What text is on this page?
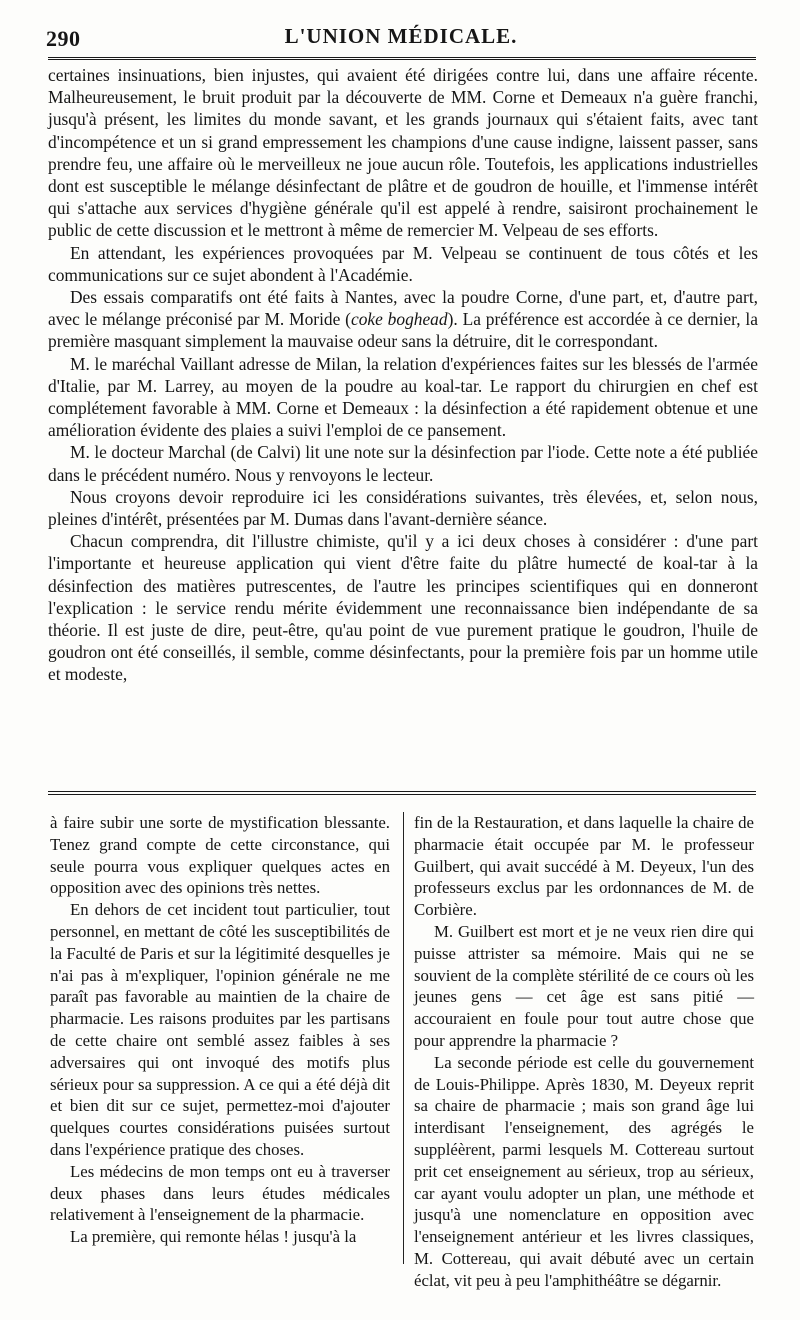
290	L'UNION MÉDICALE.

certaines insinuations, bien injustes, qui avaient été dirigées contre lui, dans une affaire récente. Malheureusement, le bruit produit par la découverte de MM. Corne et Demeaux n'a guère franchi, jusqu'à présent, les limites du monde savant, et les grands journaux qui s'étaient faits, avec tant d'incompétence et un si grand empressement les champions d'une cause indigne, laissent passer, sans prendre feu, une affaire où le merveilleux ne joue aucun rôle. Toutefois, les applications industrielles dont est susceptible le mélange désinfectant de plâtre et de goudron de houille, et l'immense intérêt qui s'attache aux services d'hygiène générale qu'il est appelé à rendre, saisiront prochainement le public de cette discussion et le mettront à même de remercier M. Velpeau de ses efforts.

En attendant, les expériences provoquées par M. Velpeau se continuent de tous côtés et les communications sur ce sujet abondent à l'Académie.

Des essais comparatifs ont été faits à Nantes, avec la poudre Corne, d'une part, et, d'autre part, avec le mélange préconisé par M. Moride (coke boghead). La préférence est accordée à ce dernier, la première masquant simplement la mauvaise odeur sans la détruire, dit le correspondant.

M. le maréchal Vaillant adresse de Milan, la relation d'expériences faites sur les blessés de l'armée d'Italie, par M. Larrey, au moyen de la poudre au koal-tar. Le rapport du chirurgien en chef est complétement favorable à MM. Corne et Demeaux : la désinfection a été rapidement obtenue et une amélioration évidente des plaies a suivi l'emploi de ce pansement.

M. le docteur Marchal (de Calvi) lit une note sur la désinfection par l'iode. Cette note a été publiée dans le précédent numéro. Nous y renvoyons le lecteur.

Nous croyons devoir reproduire ici les considérations suivantes, très élevées, et, selon nous, pleines d'intérêt, présentées par M. Dumas dans l'avant-dernière séance.

Chacun comprendra, dit l'illustre chimiste, qu'il y a ici deux choses à considérer : d'une part l'importante et heureuse application qui vient d'être faite du plâtre humecté de koal-tar à la désinfection des matières putrescentes, de l'autre les principes scientifiques qui en donneront l'explication : le service rendu mérite évidemment une reconnaissance bien indépendante de sa théorie. Il est juste de dire, peut-être, qu'au point de vue purement pratique le goudron, l'huile de goudron ont été conseillés, il semble, comme désinfectants, pour la première fois par un homme utile et modeste,

à faire subir une sorte de mystification blessante. Tenez grand compte de cette circonstance, qui seule pourra vous expliquer quelques actes en opposition avec des opinions très nettes.

En dehors de cet incident tout particulier, tout personnel, en mettant de côté les susceptibilités de la Faculté de Paris et sur la légitimité desquelles je n'ai pas à m'expliquer, l'opinion générale ne me paraît pas favorable au maintien de la chaire de pharmacie. Les raisons produites par les partisans de cette chaire ont semblé assez faibles à ses adversaires qui ont invoqué des motifs plus sérieux pour sa suppression. A ce qui a été déjà dit et bien dit sur ce sujet, permettez-moi d'ajouter quelques courtes considérations puisées surtout dans l'expérience pratique des choses.

Les médecins de mon temps ont eu à traverser deux phases dans leurs études médicales relativement à l'enseignement de la pharmacie.

La première, qui remonte hélas ! jusqu'à la

fin de la Restauration, et dans laquelle la chaire de pharmacie était occupée par M. le professeur Guilbert, qui avait succédé à M. Deyeux, l'un des professeurs exclus par les ordonnances de M. de Corbière.

M. Guilbert est mort et je ne veux rien dire qui puisse attrister sa mémoire. Mais qui ne se souvient de la complète stérilité de ce cours où les jeunes gens — cet âge est sans pitié — accouraient en foule pour tout autre chose que pour apprendre la pharmacie ?

La seconde période est celle du gouvernement de Louis-Philippe. Après 1830, M. Deyeux reprit sa chaire de pharmacie ; mais son grand âge lui interdisant l'enseignement, des agrégés le suppléèrent, parmi lesquels M. Cottereau surtout prit cet enseignement au sérieux, trop au sérieux, car ayant voulu adopter un plan, une méthode et jusqu'à une nomenclature en opposition avec l'enseignement antérieur et les livres classiques, M. Cottereau, qui avait débuté avec un certain éclat, vit peu à peu l'amphithéâtre se dégarnir.
